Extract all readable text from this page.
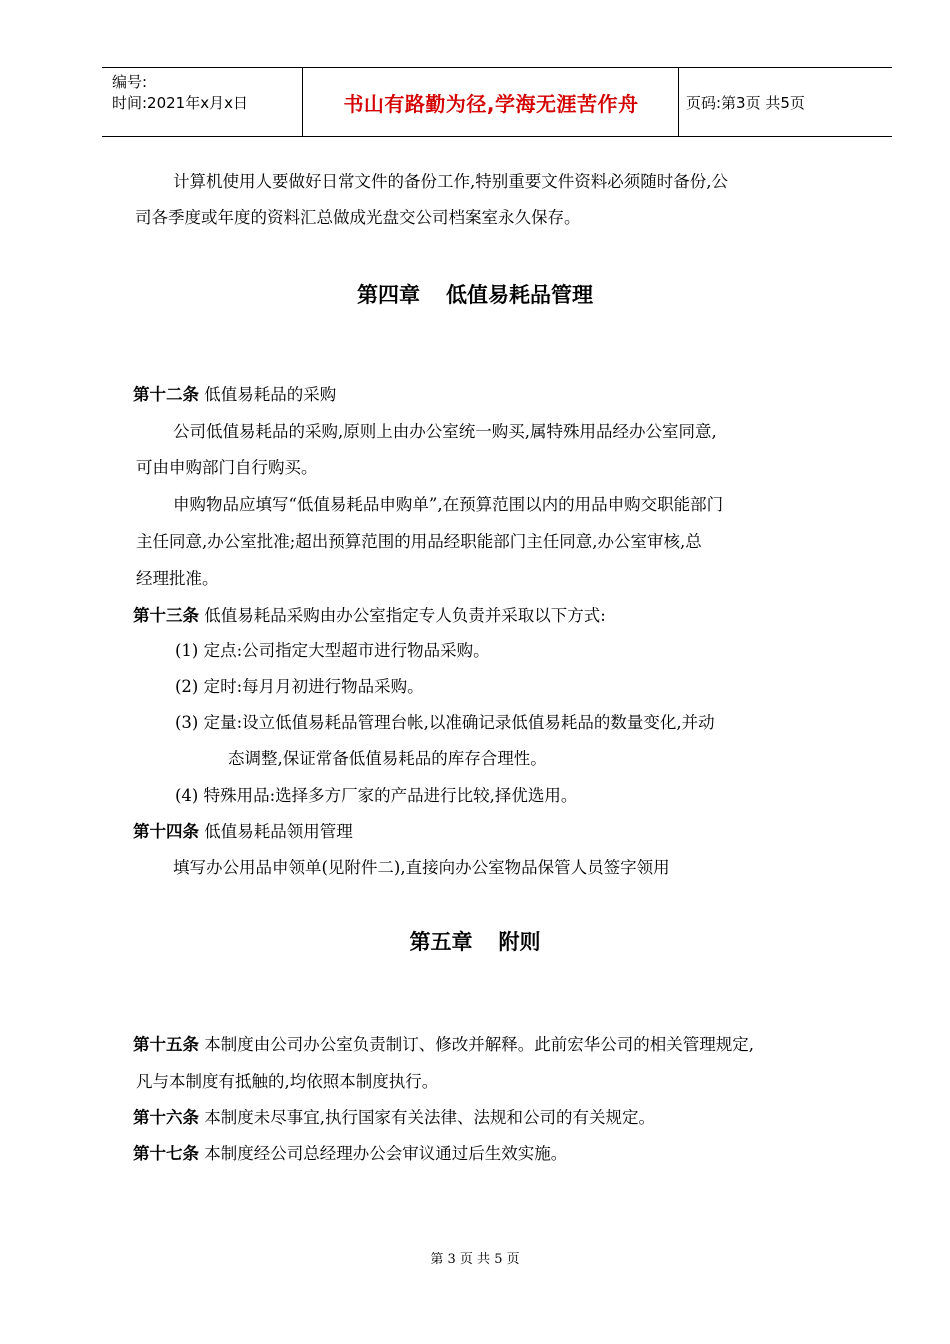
编号:
时间:2021年x月x日	书山有路勤为径,学海无涯苦作舟	页码:第3页 共5页
计算机使用人要做好日常文件的备份工作,特别重要文件资料必须随时备份,公
司各季度或年度的资料汇总做成光盘交公司档案室永久保存。
第四章 低值易耗品管理
第十二条 低值易耗品的采购
公司低值易耗品的采购,原则上由办公室统一购买,属特殊用品经办公室同意,
可由申购部门自行购买。
申购物品应填写“低值易耗品申购单”,在预算范围以内的用品申购交职能部门
主任同意,办公室批准;超出预算范围的用品经职能部门主任同意,办公室审核,总
经理批准。
第十三条 低值易耗品采购由办公室指定专人负责并采取以下方式:
(1) 定点:公司指定大型超市进行物品采购。
(2) 定时:每月月初进行物品采购。
(3) 定量:设立低值易耗品管理台帐,以准确记录低值易耗品的数量变化,并动
态调整,保证常备低值易耗品的库存合理性。
(4) 特殊用品:选择多方厂家的产品进行比较,择优选用。
第十四条 低值易耗品领用管理
填写办公用品申领单(见附件二),直接向办公室物品保管人员签字领用
第五章 附则
第十五条 本制度由公司办公室负责制订、修改并解释。此前宏华公司的相关管理规定,
凡与本制度有抵触的,均依照本制度执行。
第十六条 本制度未尽事宜,执行国家有关法律、法规和公司的有关规定。
第十七条 本制度经公司总经理办公会审议通过后生效实施。
第 3 页 共 5 页
